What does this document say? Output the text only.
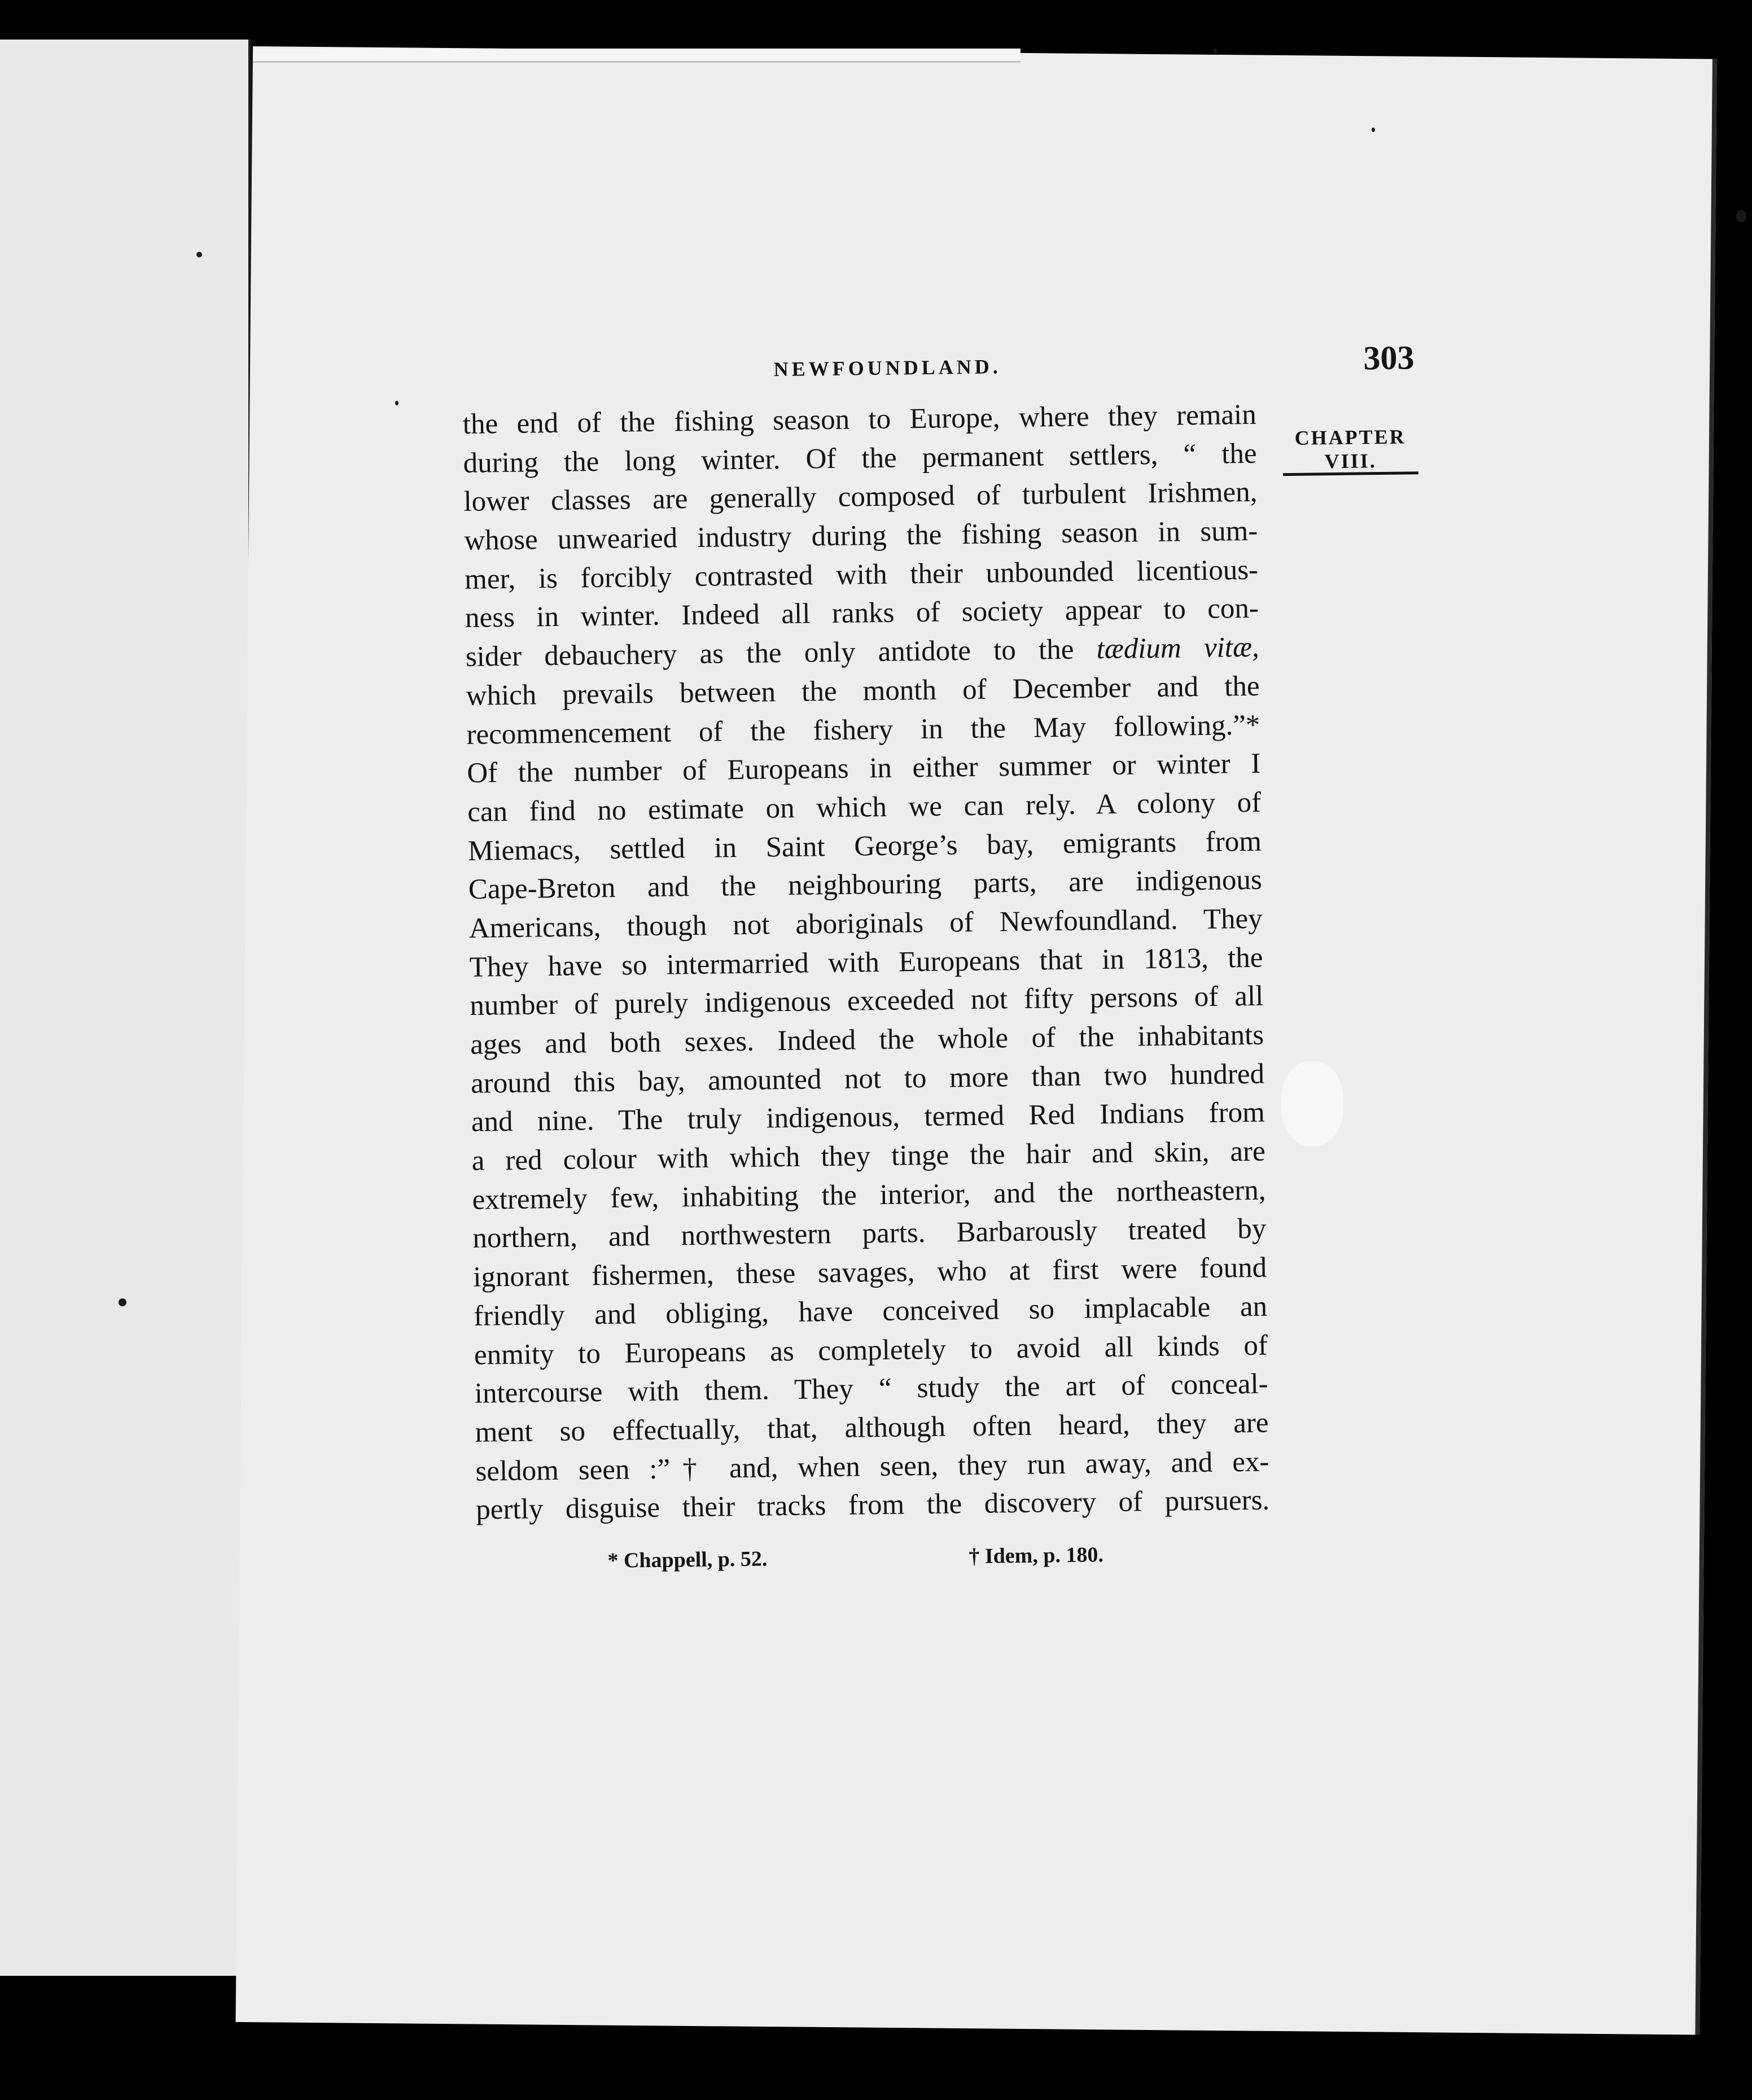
NEWFOUNDLAND.	303
CHAPTER
VIII.
the end of the fishing season to Europe, where they remain
during the long winter. Of the permanent settlers, “ the
lower classes are generally composed of turbulent Irishmen,
whose unwearied industry during the fishing season in sum-
mer, is forcibly contrasted with their unbounded licentious-
ness in winter. Indeed all ranks of society appear to con-
sider debauchery as the only antidote to the tædium vitæ,
which prevails between the month of December and the
recommencement of the fishery in the May following.”*
Of the number of Europeans in either summer or winter I
can find no estimate on which we can rely. A colony of
Miemacs, settled in Saint George’s bay, emigrants from
Cape-Breton and the neighbouring parts, are indigenous
Americans, though not aboriginals of Newfoundland. They
They have so intermarried with Europeans that in 1813, the
number of purely indigenous exceeded not fifty persons of all
ages and both sexes. Indeed the whole of the inhabitants
around this bay, amounted not to more than two hundred
and nine. The truly indigenous, termed Red Indians from
a red colour with which they tinge the hair and skin, are
extremely few, inhabiting the interior, and the northeastern,
northern, and northwestern parts. Barbarously treated by
ignorant fishermen, these savages, who at first were found
friendly and obliging, have conceived so implacable an
enmity to Europeans as completely to avoid all kinds of
intercourse with them. They “ study the art of conceal-
ment so effectually, that, although often heard, they are
seldom seen :”† and, when seen, they run away, and ex-
pertly disguise their tracks from the discovery of pursuers.
* Chappell, p. 52.	† Idem, p. 180.
